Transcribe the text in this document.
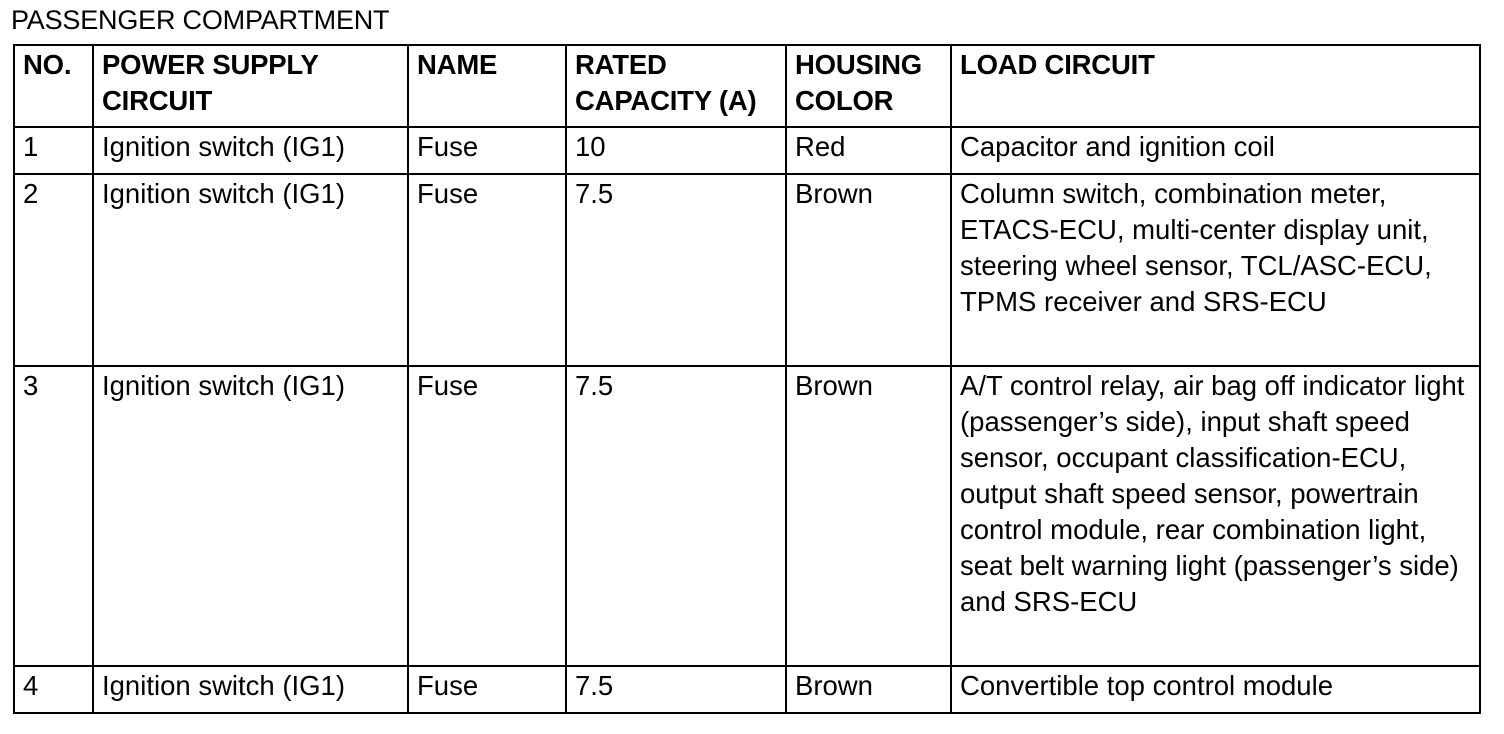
PASSENGER COMPARTMENT
NO.	POWER SUPPLY CIRCUIT	NAME	RATED CAPACITY (A)	HOUSING COLOR	LOAD CIRCUIT
1	Ignition switch (IG1)	Fuse	10	Red	Capacitor and ignition coil
2	Ignition switch (IG1)	Fuse	7.5	Brown	Column switch, combination meter, ETACS-ECU, multi-center display unit, steering wheel sensor, TCL/ASC-ECU, TPMS receiver and SRS-ECU
3	Ignition switch (IG1)	Fuse	7.5	Brown	A/T control relay, air bag off indicator light (passenger’s side), input shaft speed sensor, occupant classification-ECU, output shaft speed sensor, powertrain control module, rear combination light, seat belt warning light (passenger’s side) and SRS-ECU
4	Ignition switch (IG1)	Fuse	7.5	Brown	Convertible top control module
